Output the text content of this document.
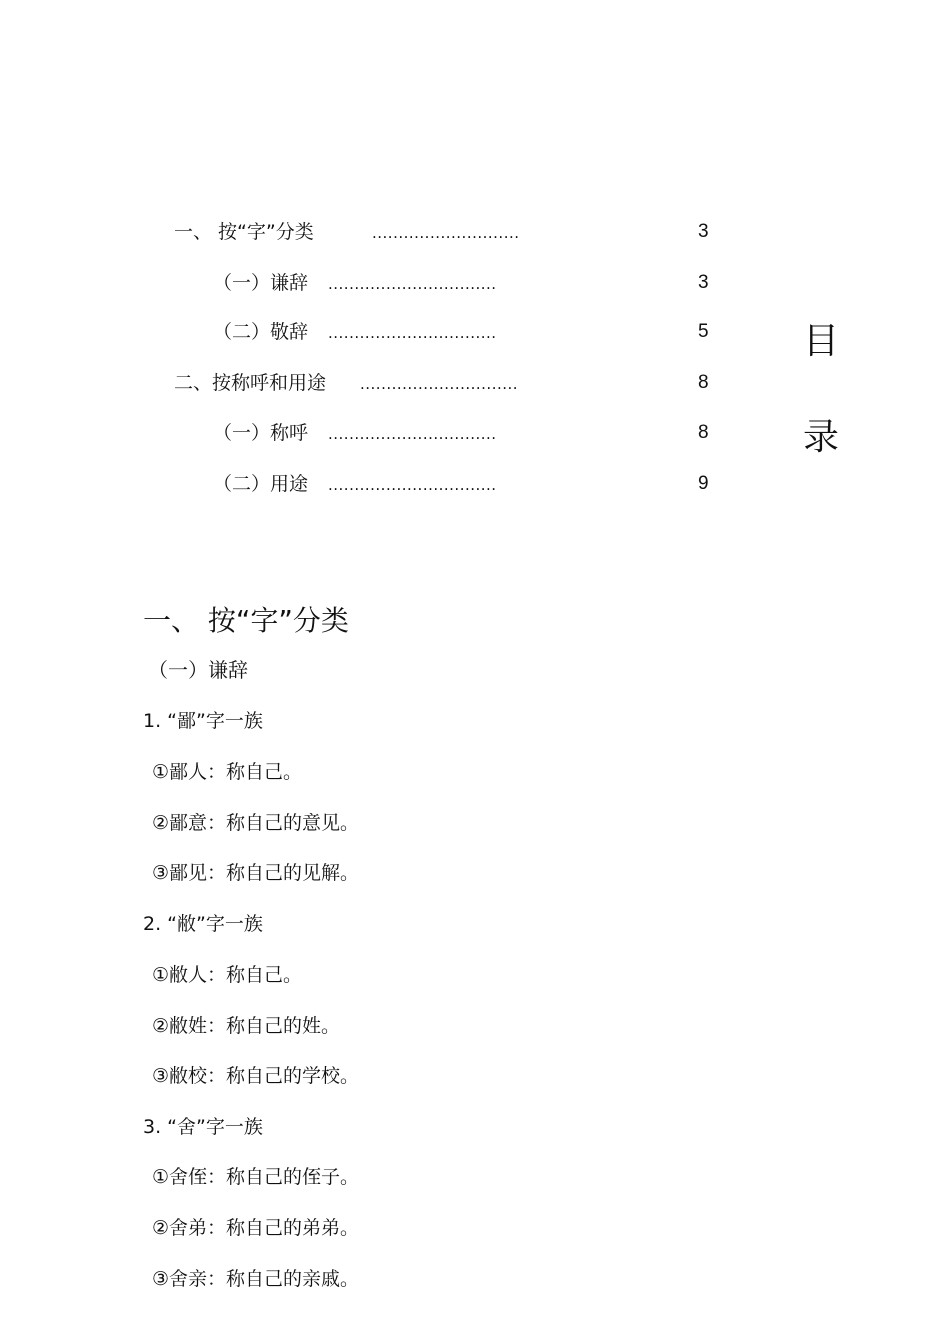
一、 按“字”分类	............................	3
（一）谦辞 ................................	3
（二）敬辞 ................................	5
二、按称呼和用途 ..............................	8
（一）称呼 ................................	8
（二）用途 ................................	9
目
录
一、 按“字”分类
（一）谦辞
1. “鄙”字一族
①鄙人：称自己。
②鄙意：称自己的意见。
③鄙见：称自己的见解。
2. “敝”字一族
①敝人：称自己。
②敝姓：称自己的姓。
③敝校：称自己的学校。
3. “舍”字一族
①舍侄：称自己的侄子。
②舍弟：称自己的弟弟。
③舍亲：称自己的亲戚。
